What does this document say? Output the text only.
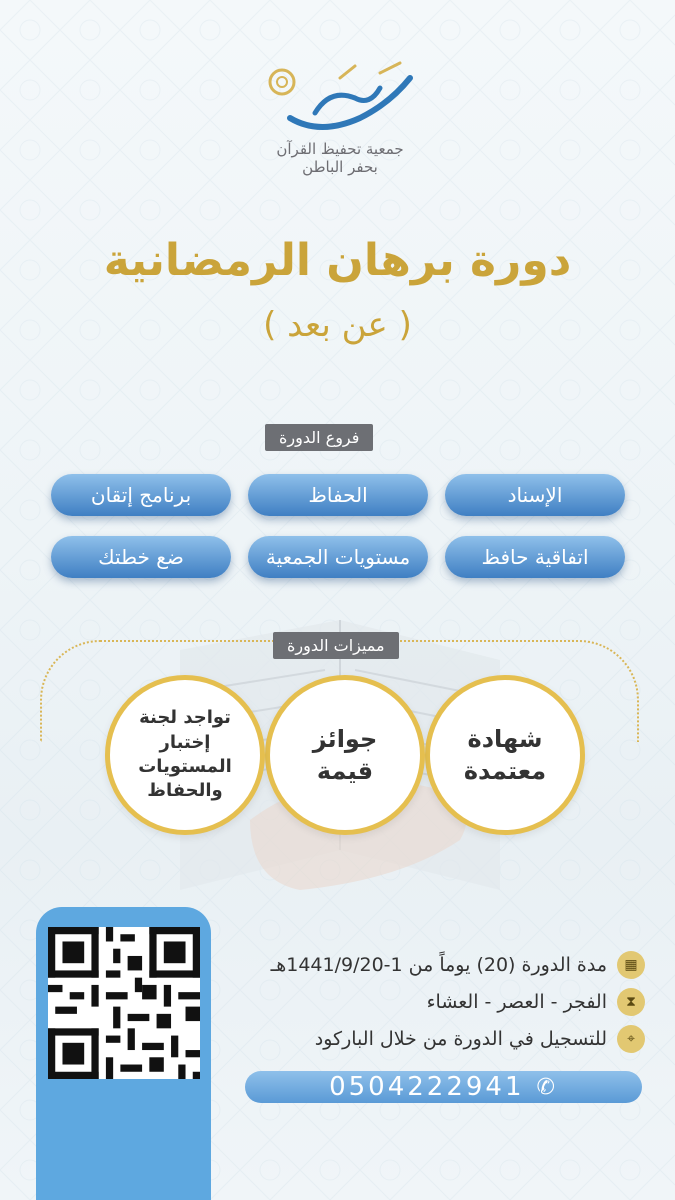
جمعية تحفيظ القرآن
بحفر الباطن
دورة برهان الرمضانية
( عن بعد )
فروع الدورة
الإسناد
الحفاظ
برنامج إتقان
اتفاقية حافظ
مستويات الجمعية
ضع خطتك
مميزات الدورة
شهادة
معتمدة
جوائز
قيمة
تواجد لجنة
إختبار
المستويات
والحفاظ
▦
مدة الدورة (20) يوماً من 1-1441/9/20هـ
⧗
الفجر - العصر - العشاء
⌖
للتسجيل في الدورة من خلال الباركود
✆
0504222941
